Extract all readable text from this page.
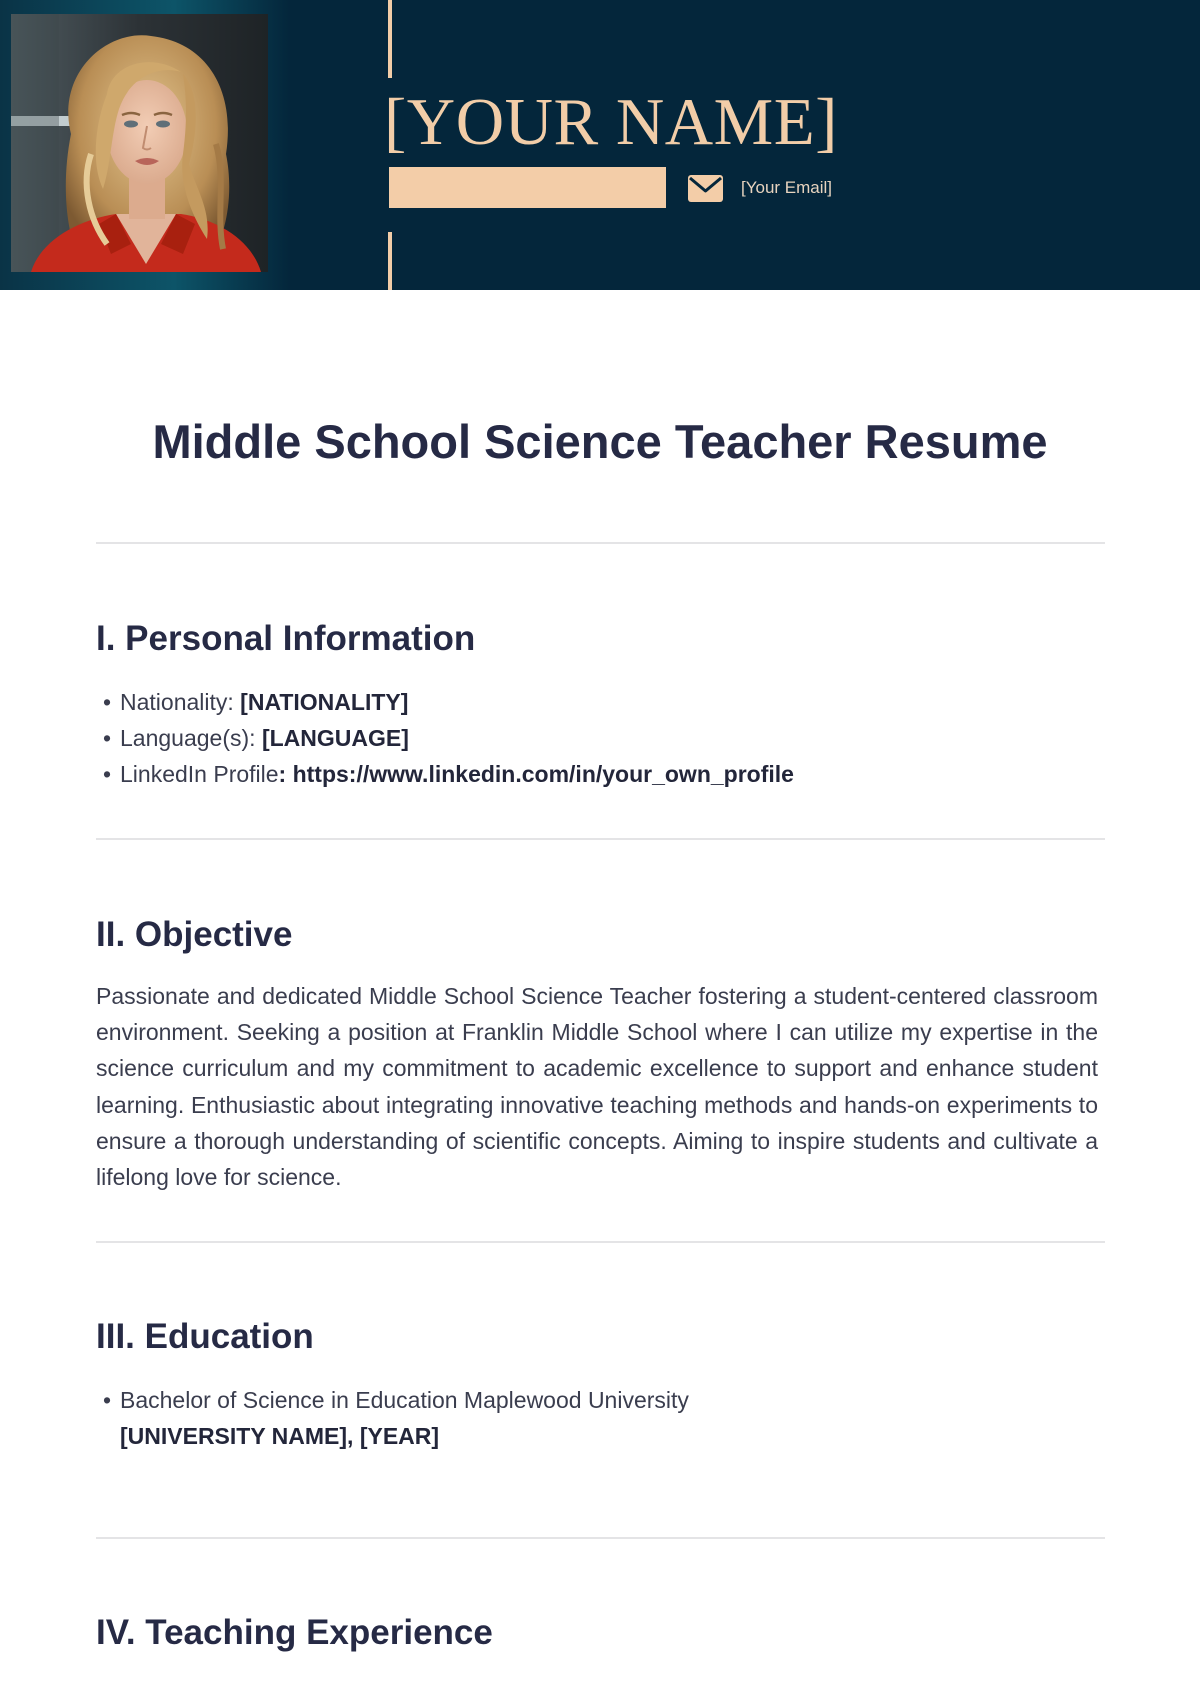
[YOUR NAME]
[Your Email]
Middle School Science Teacher Resume
I. Personal Information
• Nationality: [NATIONALITY]
• Language(s): [LANGUAGE]
• LinkedIn Profile: https://www.linkedin.com/in/your_own_profile
II. Objective

Passionate and dedicated Middle School Science Teacher fostering a student-centered classroom environment. Seeking a position at Franklin Middle School where I can utilize my expertise in the science curriculum and my commitment to academic excellence to support and enhance student learning. Enthusiastic about integrating innovative teaching methods and hands-on experiments to ensure a thorough understanding of scientific concepts. Aiming to inspire students and cultivate a lifelong love for science.

III. Education
• Bachelor of Science in Education Maplewood University
[UNIVERSITY NAME], [YEAR]
IV. Teaching Experience
